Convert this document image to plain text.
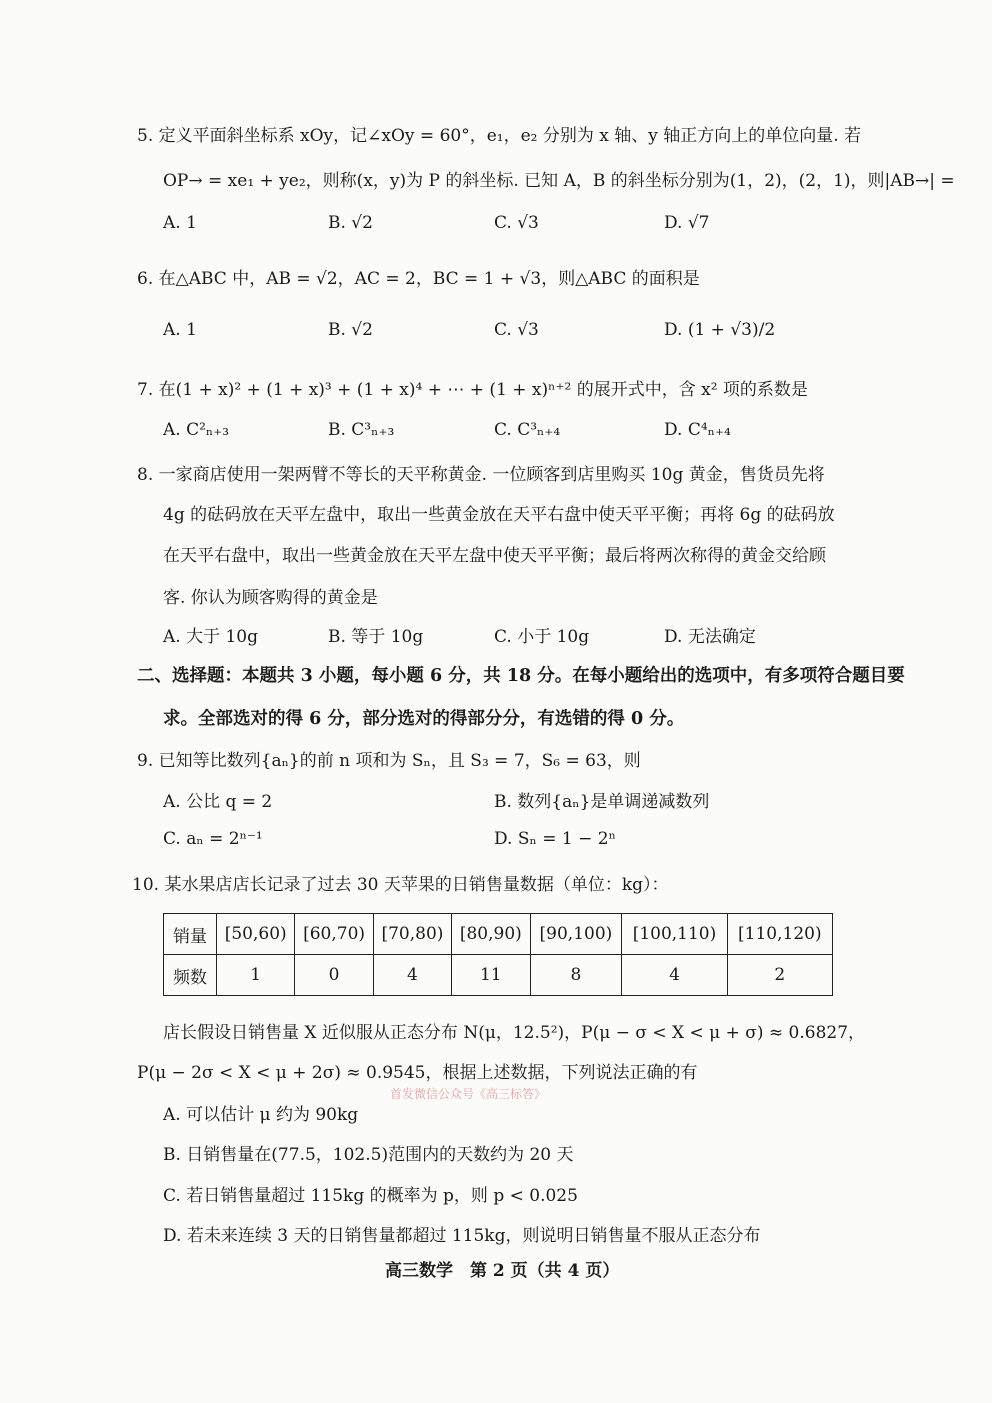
5. 定义平面斜坐标系 xOy，记∠xOy = 60°，e₁，e₂ 分别为 x 轴、y 轴正方向上的单位向量. 若
OP→ = xe₁ + ye₂，则称(x，y)为 P 的斜坐标. 已知 A，B 的斜坐标分别为(1，2)，(2，1)，则|AB→| =
A. 1	B. √2	C. √3	D. √7
6. 在△ABC 中，AB = √2，AC = 2，BC = 1 + √3，则△ABC 的面积是
A. 1	B. √2	C. √3	D. (1 + √3)/2
7. 在(1 + x)² + (1 + x)³ + (1 + x)⁴ + ⋯ + (1 + x)ⁿ⁺² 的展开式中，含 x² 项的系数是
A. C²ₙ₊₃	B. C³ₙ₊₃	C. C³ₙ₊₄	D. C⁴ₙ₊₄
8. 一家商店使用一架两臂不等长的天平称黄金. 一位顾客到店里购买 10g 黄金，售货员先将
4g 的砝码放在天平左盘中，取出一些黄金放在天平右盘中使天平平衡；再将 6g 的砝码放
在天平右盘中，取出一些黄金放在天平左盘中使天平平衡；最后将两次称得的黄金交给顾
客. 你认为顾客购得的黄金是
A. 大于 10g	B. 等于 10g	C. 小于 10g	D. 无法确定
二、选择题：本题共 3 小题，每小题 6 分，共 18 分。在每小题给出的选项中，有多项符合题目要
求。全部选对的得 6 分，部分选对的得部分分，有选错的得 0 分。
9. 已知等比数列{aₙ}的前 n 项和为 Sₙ，且 S₃ = 7，S₆ = 63，则
A. 公比 q = 2	B. 数列{aₙ}是单调递减数列
C. aₙ = 2ⁿ⁻¹	D. Sₙ = 1 − 2ⁿ
10. 某水果店店长记录了过去 30 天苹果的日销售量数据（单位：kg）：
销量	[50,60)	[60,70)	[70,80)	[80,90)	[90,100)	[100,110)	[110,120)
频数	1	0	4	11	8	4	2
店长假设日销售量 X 近似服从正态分布 N(μ，12.5²)，P(μ − σ < X < μ + σ) ≈ 0.6827，
P(μ − 2σ < X < μ + 2σ) ≈ 0.9545，根据上述数据，下列说法正确的有
首发微信公众号《高三标答》
A. 可以估计 μ 约为 90kg
B. 日销售量在(77.5，102.5)范围内的天数约为 20 天
C. 若日销售量超过 115kg 的概率为 p，则 p < 0.025
D. 若未来连续 3 天的日销售量都超过 115kg，则说明日销售量不服从正态分布
高三数学　第 2 页（共 4 页）
